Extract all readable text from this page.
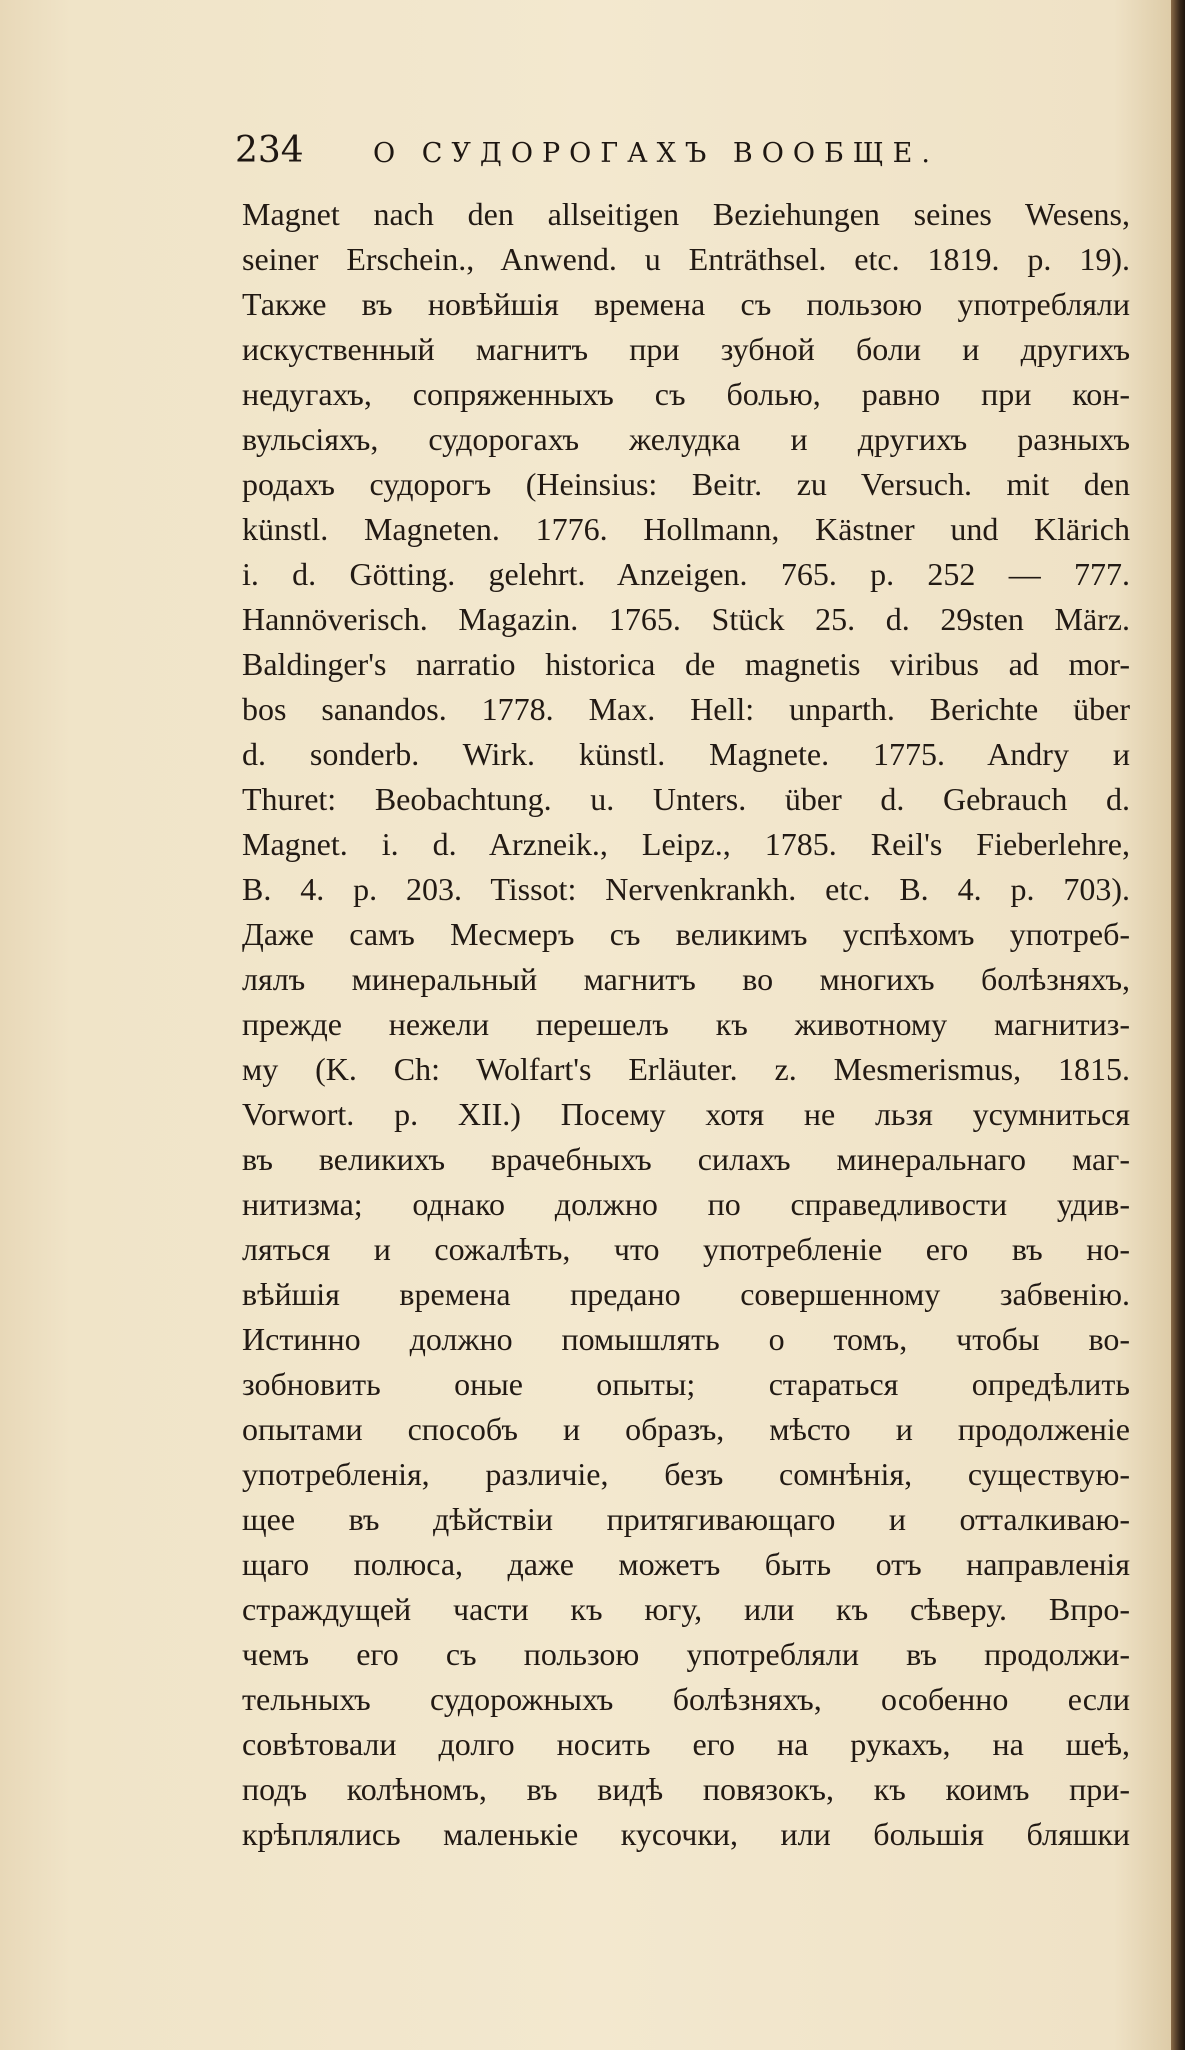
234	О СУДОРОГАХЪ ВООБЩЕ.
Magnet nach den allseitigen Beziehungen seines Wesens,
seiner Erschein., Anwend. u Enträthsel. etc. 1819. p. 19).
Также въ новѣйшія времена съ пользою употребляли
искуственный магнитъ при зубной боли и другихъ
недугахъ, сопряженныхъ съ болью, равно при кон-
вульсіяхъ, судорогахъ желудка и другихъ разныхъ
родахъ судорогъ (Heinsius: Beitr. zu Versuch. mit den
künstl. Magneten. 1776. Hollmann, Kästner und Klärich
i. d. Götting. gelehrt. Anzeigen. 765. p. 252 — 777.
Hannöverisch. Magazin. 1765. Stück 25. d. 29sten März.
Baldinger's narratio historica de magnetis viribus ad mor-
bos sanandos. 1778. Max. Hell: unparth. Berichte über
d. sonderb. Wirk. künstl. Magnete. 1775. Andry и
Thuret: Beobachtung. u. Unters. über d. Gebrauch d.
Magnet. i. d. Arzneik., Leipz., 1785. Reil's Fieberlehre,
B. 4. p. 203. Tissot: Nervenkrankh. etc. B. 4. p. 703).
Даже самъ Месмеръ съ великимъ успѣхомъ употреб-
лялъ минеральный магнитъ во многихъ болѣзняхъ,
прежде нежели перешелъ къ животному магнитиз-
му (K. Ch: Wolfart's Erläuter. z. Mesmerismus, 1815.
Vorwort. p. XII.) Посему хотя не льзя усумниться
въ великихъ врачебныхъ силахъ минеральнаго маг-
нитизма; однако должно по справедливости удив-
ляться и сожалѣть, что употребленіе его въ но-
вѣйшія времена предано совершенному забвенію.
Истинно должно помышлять о томъ, чтобы во-
зобновить оные опыты; стараться опредѣлить
опытами способъ и образъ, мѣсто и продолженіе
употребленія, различіе, безъ сомнѣнія, существую-
щее въ дѣйствіи притягивающаго и отталкиваю-
щаго полюса, даже можетъ быть отъ направленія
страждущей части къ югу, или къ сѣверу. Впро-
чемъ его съ пользою употребляли въ продолжи-
тельныхъ судорожныхъ болѣзняхъ, особенно если
совѣтовали долго носить его на рукахъ, на шеѣ,
подъ колѣномъ, въ видѣ повязокъ, къ коимъ при-
крѣплялись маленькіе кусочки, или большія бляшки
